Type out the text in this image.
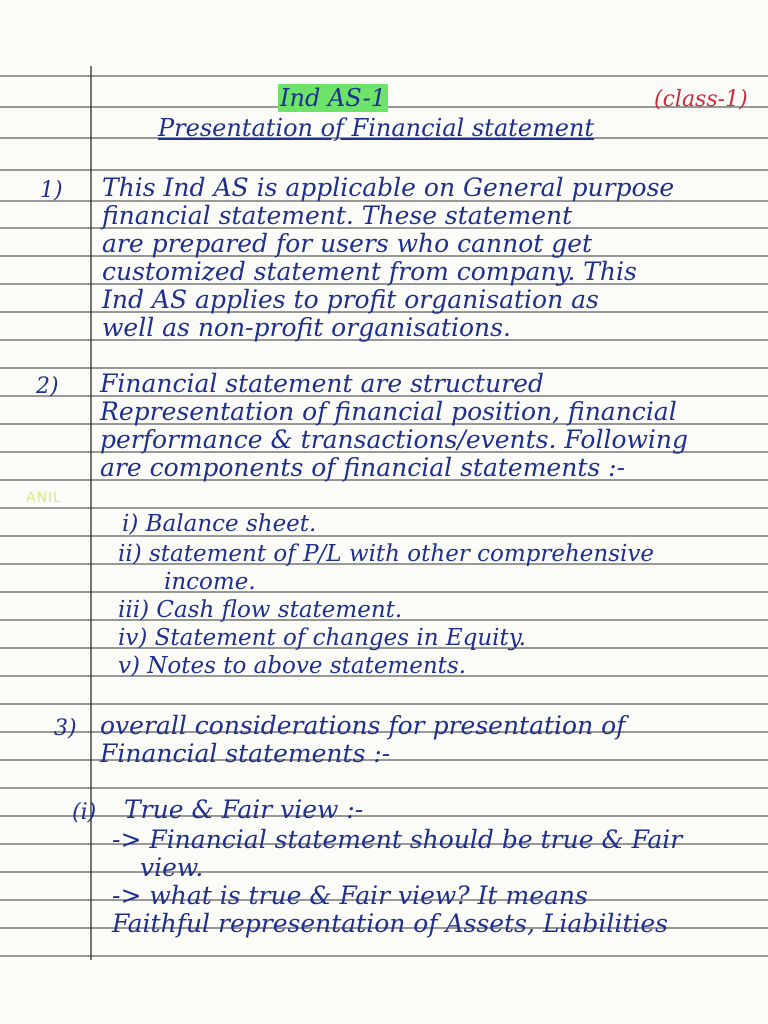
Ind AS-1	(class-1)
Presentation of Financial statement
1) This Ind AS is applicable on General purpose
financial statement. These statement
are prepared for users who cannot get
customized statement from company. This
Ind AS applies to profit organisation as
well as non-profit organisations.
2) Financial statement are structured
Representation of financial position, financial
performance & transactions/events. Following
are components of financial statements :-
ANIL
i) Balance sheet.
ii) statement of P/L with other comprehensive
income.
iii) Cash flow statement.
iv) Statement of changes in Equity.
v) Notes to above statements.
3) overall considerations for presentation of
Financial statements :-
(i) True & Fair view :-
-> Financial statement should be true & Fair
view.
-> what is true & Fair view? It means
Faithful representation of Assets, Liabilities
